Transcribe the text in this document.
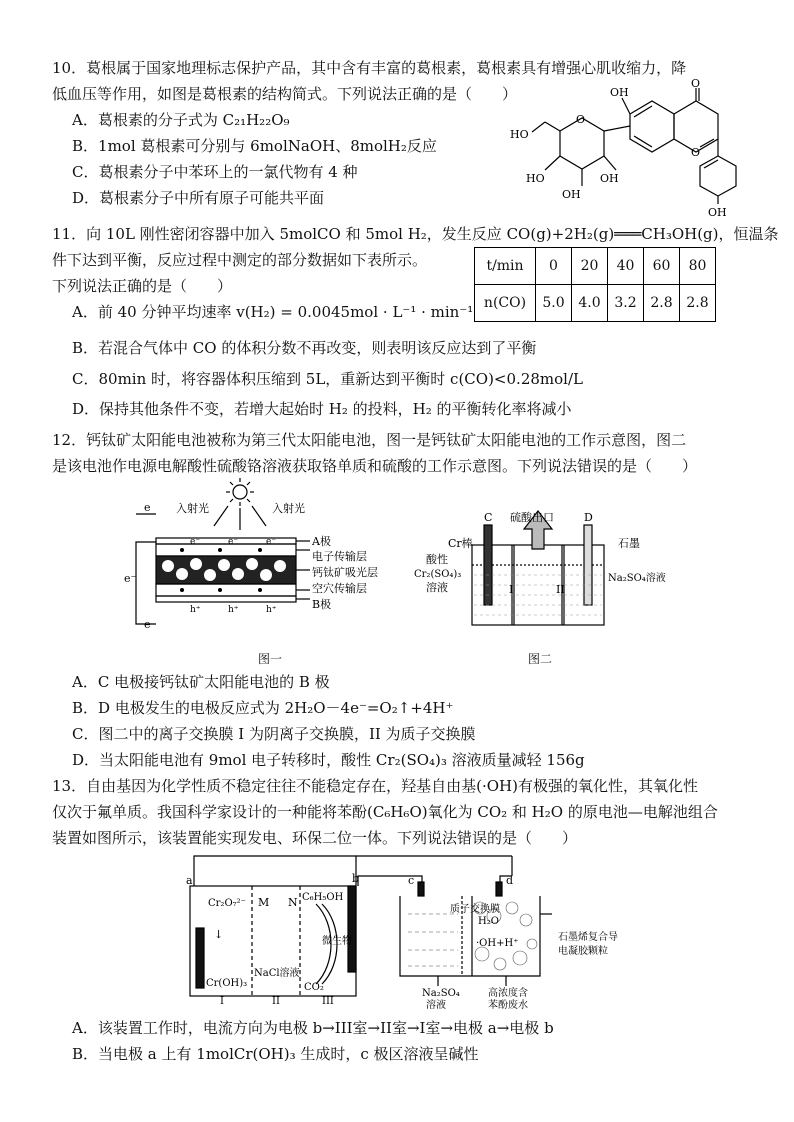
10．葛根属于国家地理标志保护产品，其中含有丰富的葛根素，葛根素具有增强心肌收缩力，降
低血压等作用，如图是葛根素的结构简式。下列说法正确的是（　　）
A．葛根素的分子式为 C₂₁H₂₂O₉
B．1mol 葛根素可分别与 6molNaOH、8molH₂反应
C．葛根素分子中苯环上的一氯代物有 4 种
D．葛根素分子中所有原子可能共平面
O
O
O
OH
HO
HO
OH
OH
OH
11．向 10L 刚性密闭容器中加入 5molCO 和 5mol H₂，发生反应 CO(g)+2H₂(g)═══CH₃OH(g)，恒温条
件下达到平衡，反应过程中测定的部分数据如下表所示。
下列说法正确的是（　　）
A．前 40 分钟平均速率 v(H₂) = 0.0045mol · L⁻¹ · min⁻¹
B．若混合气体中 CO 的体积分数不再改变，则表明该反应达到了平衡
C．80min 时，将容器体积压缩到 5L，重新达到平衡时 c(CO)<0.28mol/L
D．保持其他条件不变，若增大起始时 H₂ 的投料，H₂ 的平衡转化率将减小
t/min	0	20	40	60	80
n(CO)	5.0	4.0	3.2	2.8	2.8
12．钙钛矿太阳能电池被称为第三代太阳能电池，图一是钙钛矿太阳能电池的工作示意图，图二
是该电池作电源电解酸性硫酸铬溶液获取铬单质和硫酸的工作示意图。下列说法错误的是（　　）
入射光	入射光
e
e⁻
e
e⁻	e⁻	e⁻
h⁺	h⁺	h⁺
A极
电子传输层
钙钛矿吸光层
空穴传输层
B极
图一
C	D
Cr棒
硫酸出口
石墨
酸性
Cr₂(SO₄)₃
溶液	I	II
Na₂SO₄溶液
图二
A．C 电极接钙钛矿太阳能电池的 B 极
B．D 电极发生的电极反应式为 2H₂O－4e⁻=O₂↑+4H⁺
C．图二中的离子交换膜 I 为阴离子交换膜，II 为质子交换膜
D．当太阳能电池有 9mol 电子转移时，酸性 Cr₂(SO₄)₃ 溶液质量减轻 156g
13．自由基因为化学性质不稳定往往不能稳定存在，羟基自由基(·OH)有极强的氧化性，其氧化性
仅次于氟单质。我国科学家设计的一种能将苯酚(C₆H₆O)氧化为 CO₂ 和 H₂O 的原电池—电解池组合
装置如图所示，该装置能实现发电、环保二位一体。下列说法错误的是（　　）
a	b	c	d
Cr₂O₇²⁻
↓
Cr(OH)₃
M N
NaCl溶液
C₆H₅OH
微生物
CO₂
I	II	III
质子交换膜
H₂O
·OH+H⁺
石墨烯复合导
电凝胶颗粒
Na₂SO₄
溶液
高浓度含
苯酚废水
A．该装置工作时，电流方向为电极 b→III室→II室→I室→电极 a→电极 b
B．当电极 a 上有 1molCr(OH)₃ 生成时，c 极区溶液呈碱性
